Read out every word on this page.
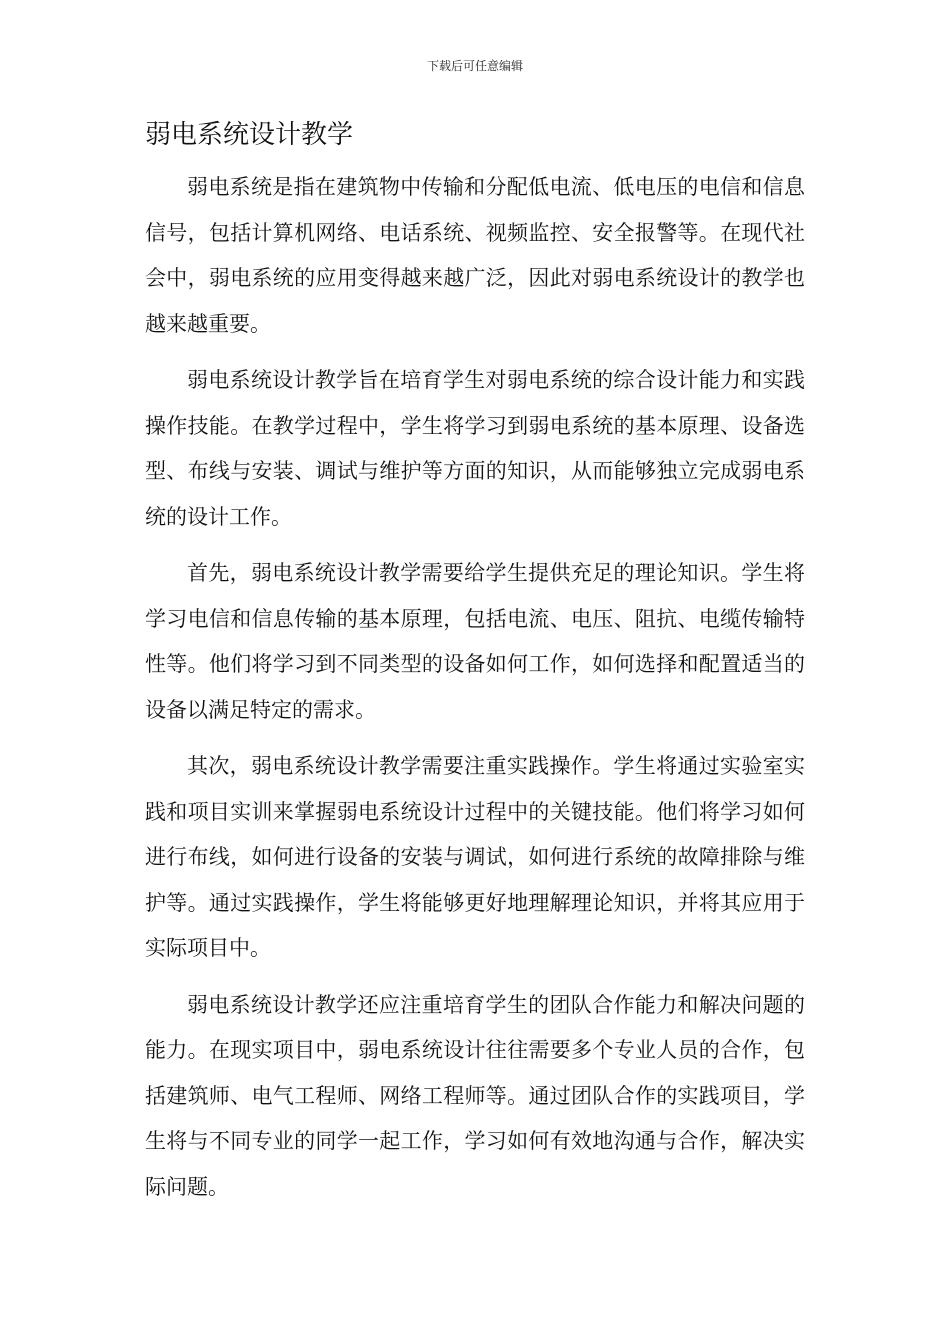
下载后可任意编辑
弱电系统设计教学

弱电系统是指在建筑物中传输和分配低电流、低电压的电信和信息信号，包括计算机网络、电话系统、视频监控、安全报警等。在现代社会中，弱电系统的应用变得越来越广泛，因此对弱电系统设计的教学也越来越重要。

弱电系统设计教学旨在培育学生对弱电系统的综合设计能力和实践操作技能。在教学过程中，学生将学习到弱电系统的基本原理、设备选型、布线与安装、调试与维护等方面的知识，从而能够独立完成弱电系统的设计工作。

首先，弱电系统设计教学需要给学生提供充足的理论知识。学生将学习电信和信息传输的基本原理，包括电流、电压、阻抗、电缆传输特性等。他们将学习到不同类型的设备如何工作，如何选择和配置适当的设备以满足特定的需求。

其次，弱电系统设计教学需要注重实践操作。学生将通过实验室实践和项目实训来掌握弱电系统设计过程中的关键技能。他们将学习如何进行布线，如何进行设备的安装与调试，如何进行系统的故障排除与维护等。通过实践操作，学生将能够更好地理解理论知识，并将其应用于实际项目中。

弱电系统设计教学还应注重培育学生的团队合作能力和解决问题的能力。在现实项目中，弱电系统设计往往需要多个专业人员的合作，包括建筑师、电气工程师、网络工程师等。通过团队合作的实践项目，学生将与不同专业的同学一起工作，学习如何有效地沟通与合作，解决实际问题。
